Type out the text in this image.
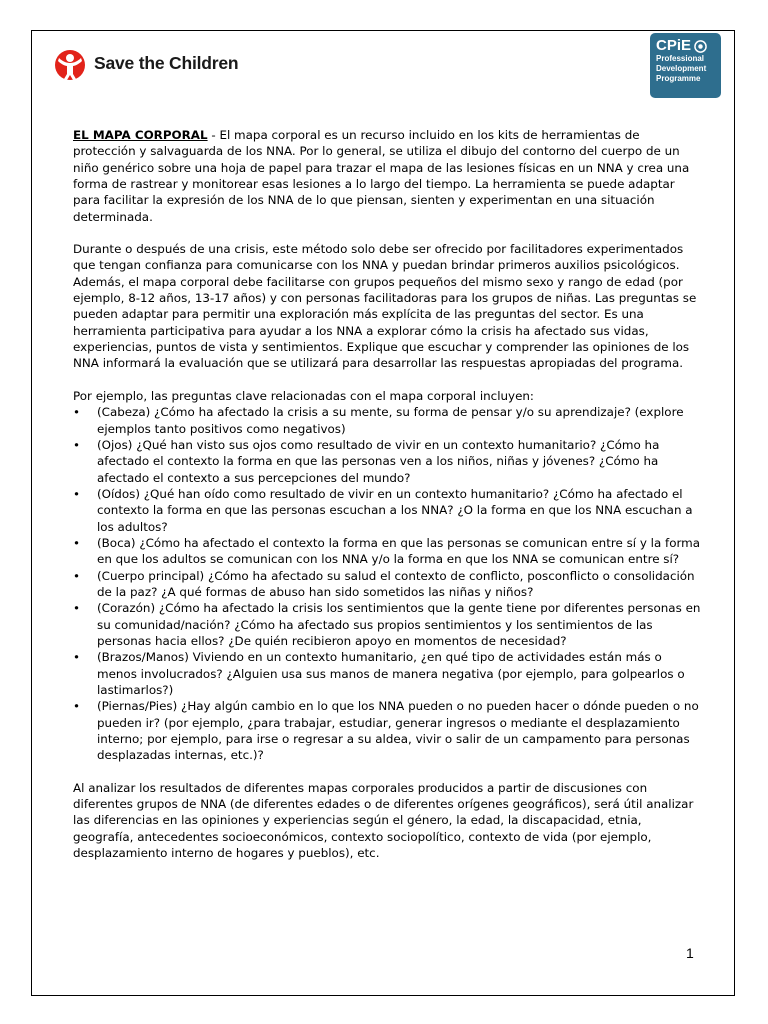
Save the Children
CPiE
Professional
Development
Programme

EL MAPA CORPORAL - El mapa corporal es un recurso incluido en los kits de herramientas de protección y salvaguarda de los NNA. Por lo general, se utiliza el dibujo del contorno del cuerpo de un niño genérico sobre una hoja de papel para trazar el mapa de las lesiones físicas en un NNA y crea una forma de rastrear y monitorear esas lesiones a lo largo del tiempo. La herramienta se puede adaptar para facilitar la expresión de los NNA de lo que piensan, sienten y experimentan en una situación determinada.

Durante o después de una crisis, este método solo debe ser ofrecido por facilitadores experimentados que tengan confianza para comunicarse con los NNA y puedan brindar primeros auxilios psicológicos. Además, el mapa corporal debe facilitarse con grupos pequeños del mismo sexo y rango de edad (por ejemplo, 8-12 años, 13-17 años) y con personas facilitadoras para los grupos de niñas. Las preguntas se pueden adaptar para permitir una exploración más explícita de las preguntas del sector. Es una herramienta participativa para ayudar a los NNA a explorar cómo la crisis ha afectado sus vidas, experiencias, puntos de vista y sentimientos. Explique que escuchar y comprender las opiniones de los NNA informará la evaluación que se utilizará para desarrollar las respuestas apropiadas del programa.

Por ejemplo, las preguntas clave relacionadas con el mapa corporal incluyen:
• (Cabeza) ¿Cómo ha afectado la crisis a su mente, su forma de pensar y/o su aprendizaje? (explore ejemplos tanto positivos como negativos)
• (Ojos) ¿Qué han visto sus ojos como resultado de vivir en un contexto humanitario? ¿Cómo ha afectado el contexto la forma en que las personas ven a los niños, niñas y jóvenes? ¿Cómo ha afectado el contexto a sus percepciones del mundo?
• (Oídos) ¿Qué han oído como resultado de vivir en un contexto humanitario? ¿Cómo ha afectado el contexto la forma en que las personas escuchan a los NNA? ¿O la forma en que los NNA escuchan a los adultos?
• (Boca) ¿Cómo ha afectado el contexto la forma en que las personas se comunican entre sí y la forma en que los adultos se comunican con los NNA y/o la forma en que los NNA se comunican entre sí?
• (Cuerpo principal) ¿Cómo ha afectado su salud el contexto de conflicto, posconflicto o consolidación de la paz? ¿A qué formas de abuso han sido sometidos las niñas y niños?
• (Corazón) ¿Cómo ha afectado la crisis los sentimientos que la gente tiene por diferentes personas en su comunidad/nación? ¿Cómo ha afectado sus propios sentimientos y los sentimientos de las personas hacia ellos? ¿De quién recibieron apoyo en momentos de necesidad?
• (Brazos/Manos) Viviendo en un contexto humanitario, ¿en qué tipo de actividades están más o menos involucrados? ¿Alguien usa sus manos de manera negativa (por ejemplo, para golpearlos o lastimarlos?)
• (Piernas/Pies) ¿Hay algún cambio en lo que los NNA pueden o no pueden hacer o dónde pueden o no pueden ir? (por ejemplo, ¿para trabajar, estudiar, generar ingresos o mediante el desplazamiento interno; por ejemplo, para irse o regresar a su aldea, vivir o salir de un campamento para personas desplazadas internas, etc.)?

Al analizar los resultados de diferentes mapas corporales producidos a partir de discusiones con diferentes grupos de NNA (de diferentes edades o de diferentes orígenes geográficos), será útil analizar las diferencias en las opiniones y experiencias según el género, la edad, la discapacidad, etnia, geografía, antecedentes socioeconómicos, contexto sociopolítico, contexto de vida (por ejemplo, desplazamiento interno de hogares y pueblos), etc.

1
